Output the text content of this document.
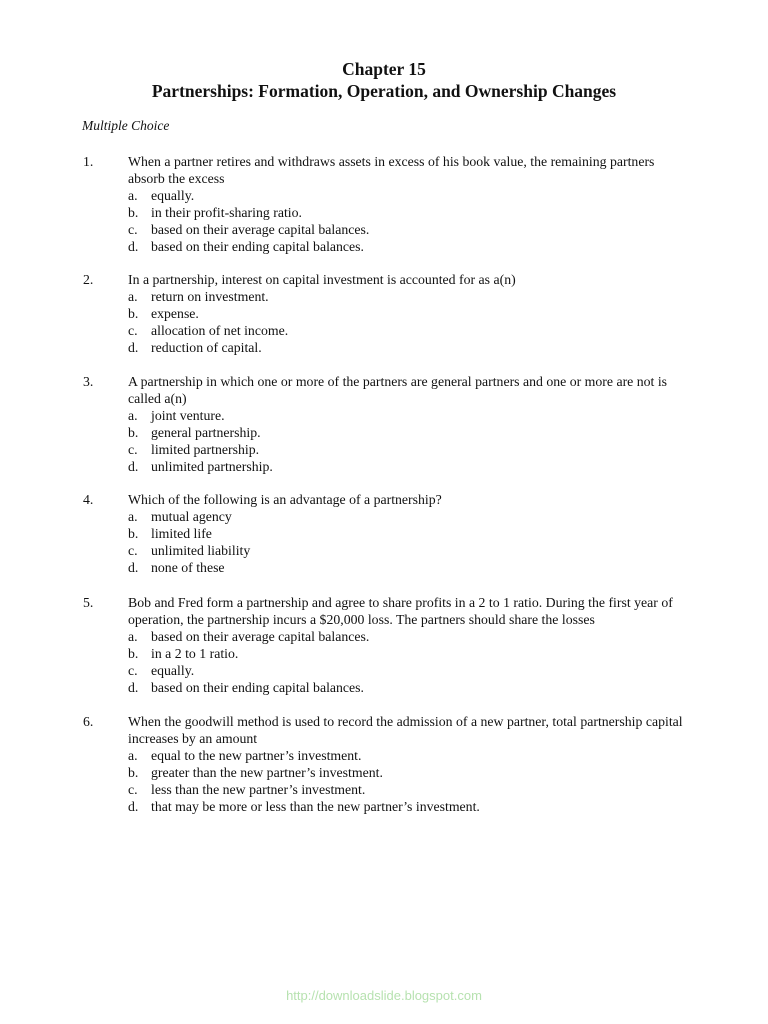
Chapter 15
Partnerships: Formation, Operation, and Ownership Changes
Multiple Choice
1.	When a partner retires and withdraws assets in excess of his book value, the remaining partners absorb the excess
a. equally.
b. in their profit-sharing ratio.
c. based on their average capital balances.
d. based on their ending capital balances.
2.	In a partnership, interest on capital investment is accounted for as a(n)
a. return on investment.
b. expense.
c. allocation of net income.
d. reduction of capital.
3.	A partnership in which one or more of the partners are general partners and one or more are not is called a(n)
a. joint venture.
b. general partnership.
c. limited partnership.
d. unlimited partnership.
4.	Which of the following is an advantage of a partnership?
a. mutual agency
b. limited life
c. unlimited liability
d. none of these
5.	Bob and Fred form a partnership and agree to share profits in a 2 to 1 ratio. During the first year of operation, the partnership incurs a $20,000 loss. The partners should share the losses
a. based on their average capital balances.
b. in a 2 to 1 ratio.
c. equally.
d. based on their ending capital balances.
6.	When the goodwill method is used to record the admission of a new partner, total partnership capital increases by an amount
a. equal to the new partner’s investment.
b. greater than the new partner’s investment.
c. less than the new partner’s investment.
d. that may be more or less than the new partner’s investment.
http://downloadslide.blogspot.com
